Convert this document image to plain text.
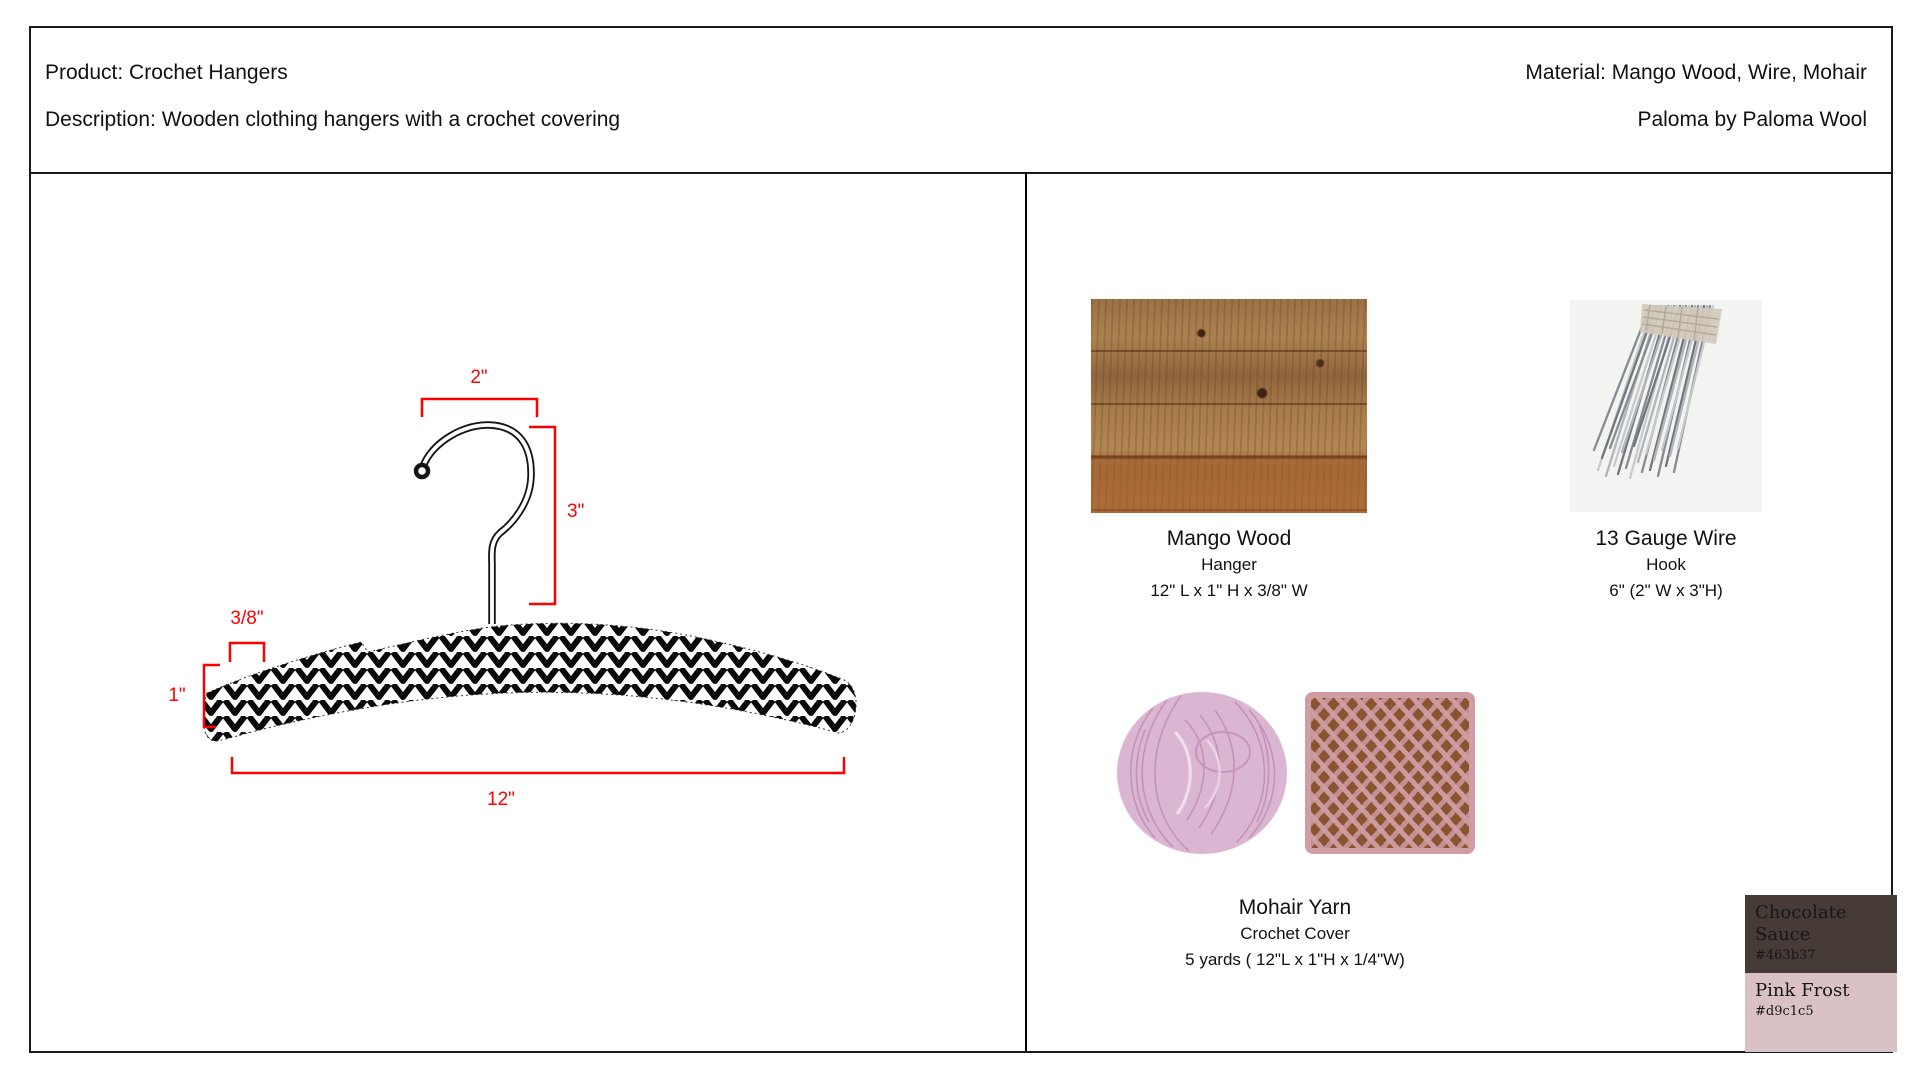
Product: Crochet Hangers
Description: Wooden clothing hangers with a crochet covering
Material: Mango Wood, Wire, Mohair
Paloma by Paloma Wool
2"
3"
3/8"
1"
12"
Mango Wood
Hanger
12" L x 1" H x 3/8" W
13 Gauge Wire
Hook
6" (2" W x 3"H)
Mohair Yarn
Crochet Cover
5 yards ( 12"L x 1"H x 1/4"W)
Chocolate Sauce
#463b37
Pink Frost
#d9c1c5
